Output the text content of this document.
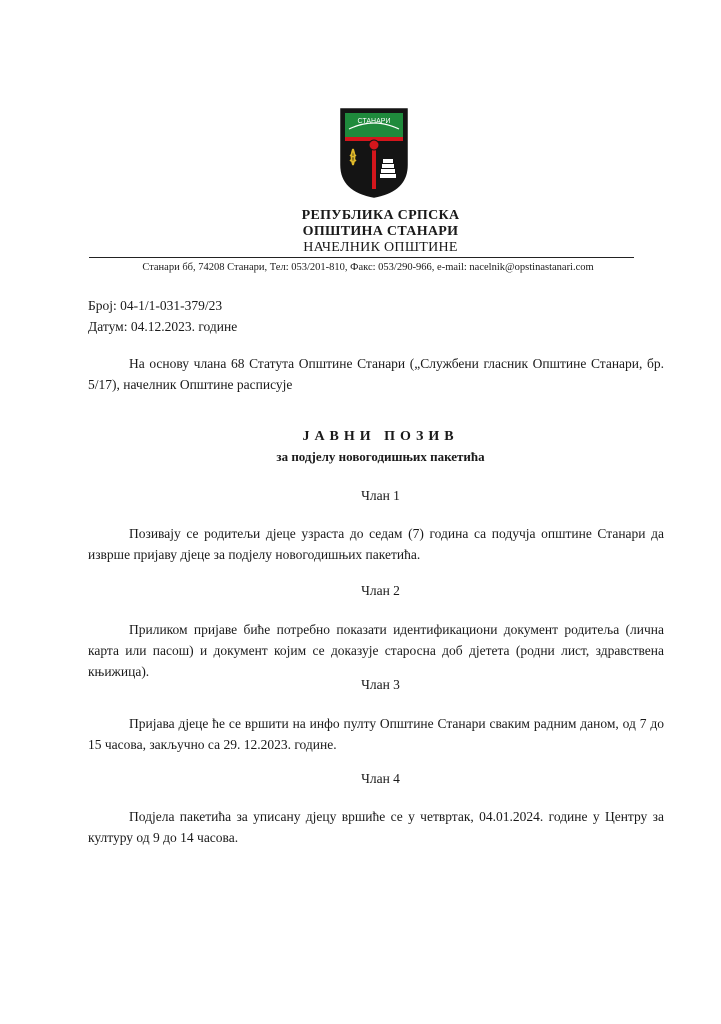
СТАНАРИ
РЕПУБЛИКА СРПСКА
ОПШТИНА СТАНАРИ
НАЧЕЛНИК ОПШТИНЕ
Станари бб, 74208 Станари, Тел: 053/201-810, Факс: 053/290-966, e-mail: nacelnik@opstinastanari.com
Број: 04-1/1-031-379/23
Датум: 04.12.2023. године
На основу члана 68 Статута Општине Станари („Службени гласник Општине Станари, бр. 5/17), начелник Општине расписује
ЈАВНИ ПОЗИВ
за подјелу новогодишњих пакетића
Члан 1
Позивају се родитељи дјеце узраста до седам (7) година са подучја општине Станари да изврше пријаву дјеце за подјелу новогодишњих пакетића.
Члан 2
Приликом пријаве биће потребно показати идентификациони документ родитеља (лична карта или пасош) и документ којим се доказује старосна доб дјетета (родни лист, здравствена књижица).
Члан 3
Пријава дјеце ће се вршити на инфо пулту Општине Станари сваким радним даном, од 7 до 15 часова, закључно са 29. 12.2023. године.
Члан 4
Подјела пакетића за уписану дјецу вршиће се у четвртак, 04.01.2024. године у Центру за културу од 9 до 14 часова.
